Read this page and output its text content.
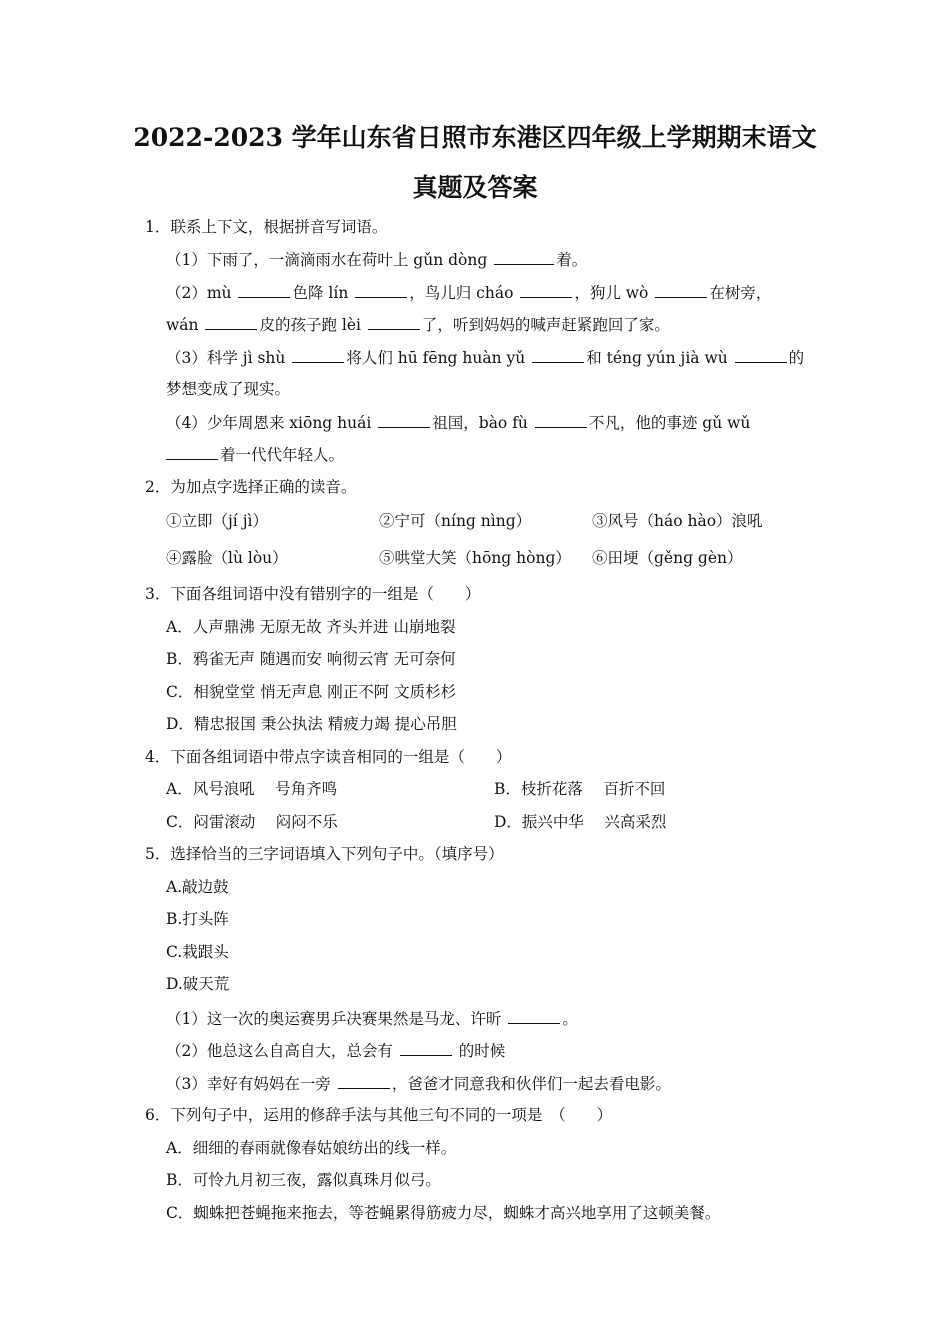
2022-2023 学年山东省日照市东港区四年级上学期期末语文
真题及答案
1．联系上下文，根据拼音写词语。
（1）下雨了，一滴滴雨水在荷叶上 gǔn dònɡ	着。
（2）mù	色降 lín	，鸟儿归 cháo	，狗儿 wò	在树旁，
wán	皮的孩子跑 lèi	了，听到妈妈的喊声赶紧跑回了家。
（3）科学 jì shù	将人们 hū fēng huàn yǔ	和 ténɡ yún jià wù	的
梦想变成了现实。
（4）少年周恩来 xiōng huái	祖国，bào fù	不凡，他的事迹 gǔ wǔ
着一代代年轻人。
2．为加点字选择正确的读音。
①立即（jí jì）	②宁可（nínɡ nìnɡ）	③风号（háo hào）浪吼
④露脸（lù lòu）	⑤哄堂大笑（hōnɡ hònɡ） ⑥田埂（ɡěnɡ ɡèn）
3．下面各组词语中没有错别字的一组是（　　）
A．人声鼎沸 无原无故 齐头并进 山崩地裂
B．鸦雀无声 随遇而安 响彻云宵 无可奈何
C．相貌堂堂 悄无声息 刚正不阿 文质杉杉
D．精忠报国 秉公执法 精疲力竭 提心吊胆
4．下面各组词语中带点字读音相同的一组是（　　）
A．风号浪吼　 号角齐鸣	B．枝折花落　 百折不回
C．闷雷滚动　 闷闷不乐	D．振兴中华　 兴高采烈
5．选择恰当的三字词语填入下列句子中。（填序号）
A.敲边鼓
B.打头阵
C.栽跟头
D.破天荒
（1）这一次的奥运赛男乒决赛果然是马龙、许昕	。
（2）他总这么自高自大，总会有	的时候
（3）幸好有妈妈在一旁	，爸爸才同意我和伙伴们一起去看电影。
6．下列句子中，运用的修辞手法与其他三句不同的一项是　（　　）
A．细细的春雨就像春姑娘纺出的线一样。
B．可怜九月初三夜，露似真珠月似弓。
C．蜘蛛把苍蝇拖来拖去，等苍蝇累得筋疲力尽，蜘蛛才高兴地享用了这顿美餐。
